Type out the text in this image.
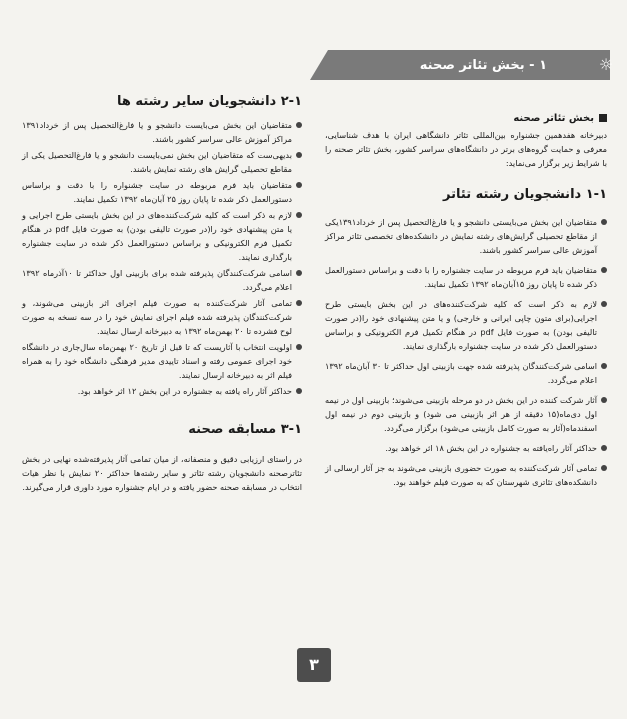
۱ - بخش تئاتر صحنه	☼
بخش تئاتر صحنه

دبیرخانه هفدهمین جشنواره بین‌المللی تئاتر دانشگاهی ایران با هدف شناسایی، معرفی و حمایت گروه‌های برتر در دانشگاه‌های سراسر کشور، بخش تئاتر صحنه را با شرایط زیر برگزار می‌نماید:

۱-۱ دانشجویان رشته تئاتر
متقاضیان این بخش می‌بایستی دانشجو و یا فارغ‌التحصیل پس از خرداد۱۳۹۱یکی از مقاطع تحصیلی گرایش‌های رشته نمایش در دانشکده‌های تخصصی تئاتر مراکز آموزش عالی سراسر کشور باشند.
متقاضیان باید فرم مربوطه در سایت جشنواره را با دقت و براساس دستورالعمل ذکر شده تا پایان روز ۱۵آبان‌ماه ۱۳۹۲ تکمیل نمایند.
لازم به ذکر است که کلیه شرکت‌کننده‌های در این بخش بایستی طرح اجرایی(برای متون چاپی ایرانی و خارجی) و یا متن پیشنهادی خود را(در صورت تالیفی بودن) به صورت فایل pdf در هنگام تکمیل فرم الکترونیکی و براساس دستورالعمل ذکر شده در سایت جشنواره بارگذاری نمایند.
اسامی شرکت‌کنندگان پذیرفته شده جهت بازبینی اول حداکثر تا ۳۰ آبان‌ماه ۱۳۹۲ اعلام می‌گردد.
آثار شرکت کننده در این بخش در دو مرحله بازبینی می‌شوند؛ بازبینی اول در نیمه اول دی‌ماه(۱۵ دقیقه از هر اثر بازبینی می شود) و بازبینی دوم در نیمه اول اسفندماه(آثار به صورت کامل بازبینی می‌شود) برگزار می‌گردد.
حداکثر آثار راه‌یافته به جشنواره در این بخش ۱۸ اثر خواهد بود.
تمامی آثار شرکت‌کننده به صورت حضوری بازبینی می‌شوند به جز آثار ارسالی از دانشکده‌های تئاتری شهرستان که به صورت فیلم خواهند بود.
۲-۱ دانشجویان سایر رشته ها
متقاضیان این بخش می‌بایست دانشجو و یا فارغ‌التحصیل پس از خرداد۱۳۹۱ مراکز آموزش عالی سراسر کشور باشند.
بدیهی‌ست که متقاضیان این بخش نمی‌بایست دانشجو و یا فارغ‌التحصیل یکی از مقاطع تحصیلی گرایش های رشته نمایش باشند.
متقاضیان باید فرم مربوطه در سایت جشنواره را با دقت و براساس دستورالعمل ذکر شده تا پایان روز ۲۵ آبان‌ماه ۱۳۹۲ تکمیل نمایند.
لازم به ذکر است که کلیه شرکت‌کننده‌های در این بخش بایستی طرح اجرایی و یا متن پیشنهادی خود را(در صورت تالیفی بودن) به صورت فایل pdf در هنگام تکمیل فرم الکترونیکی و براساس دستورالعمل ذکر شده در سایت جشنواره بارگذاری نمایند.
اسامی شرکت‌کنندگان پذیرفته شده برای بازبینی اول حداکثر تا ۱۰آذرماه ۱۳۹۲ اعلام می‌گردد.
تمامی آثار شرکت‌کننده به صورت فیلم اجرای اثر بازبینی می‌شوند، و شرکت‌کنندگان پذیرفته شده فیلم اجرای نمایش خود را در سه نسخه به صورت لوح فشرده تا ۲۰ بهمن‌ماه ۱۳۹۲ به دبیرخانه ارسال نمایند.
اولویت انتخاب با آثاریست که تا قبل از تاریخ ۲۰ بهمن‌ماه سال‌جاری در دانشگاه خود اجرای عمومی رفته و اسناد تاییدی مدیر فرهنگی دانشگاه خود را به همراه فیلم اثر به دبیرخانه ارسال نمایند.
حداکثر آثار راه یافته به جشنواره در این بخش ۱۲ اثر خواهد بود.
۳-۱ مسابقه صحنه

در راستای ارزیابی دقیق و منصفانه، از میان تمامی آثار پذیرفته‌شده نهایی در بخش تئاترصحنه دانشجویان رشته تئاتر و سایر رشته‌ها حداکثر ۲۰ نمایش با نظر هیات انتخاب در مسابقه صحنه حضور یافته و در ایام جشنواره مورد داوری قرار می‌گیرند.

۳
